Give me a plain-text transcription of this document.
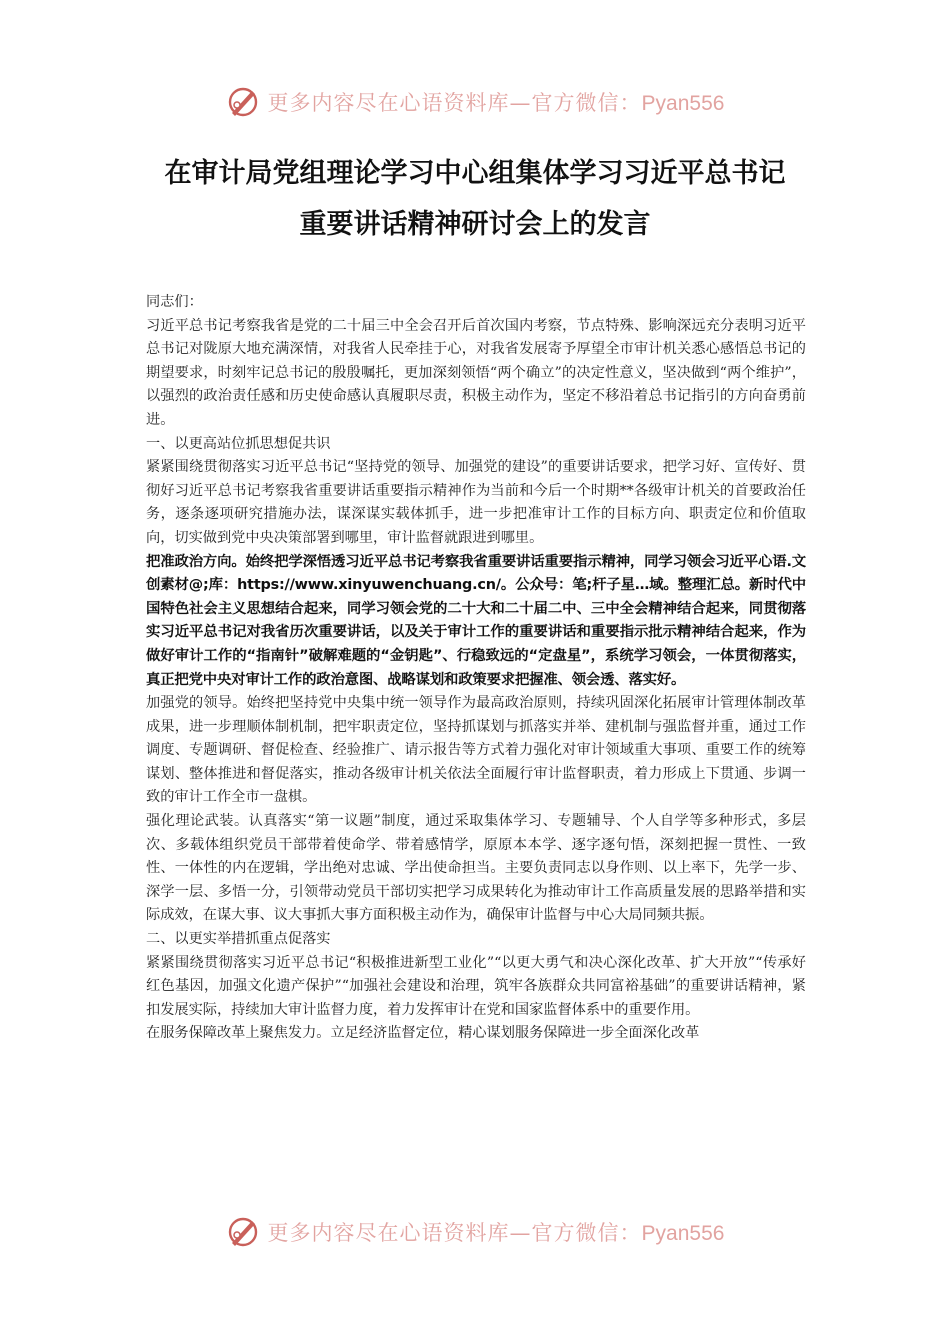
更多内容尽在心语资料库—官方微信：Pyan556
在审计局党组理论学习中心组集体学习习近平总书记
重要讲话精神研讨会上的发言

同志们：

习近平总书记考察我省是党的二十届三中全会召开后首次国内考察，节点特殊、影响深远充分表明习近平总书记对陇原大地充满深情，对我省人民牵挂于心，对我省发展寄予厚望全市审计机关悉心感悟总书记的期望要求，时刻牢记总书记的殷殷嘱托，更加深刻领悟“两个确立”的决定性意义，坚决做到“两个维护”，以强烈的政治责任感和历史使命感认真履职尽责，积极主动作为，坚定不移沿着总书记指引的方向奋勇前进。

一、以更高站位抓思想促共识

紧紧围绕贯彻落实习近平总书记“坚持党的领导、加强党的建设”的重要讲话要求，把学习好、宣传好、贯彻好习近平总书记考察我省重要讲话重要指示精神作为当前和今后一个时期**各级审计机关的首要政治任务，逐条逐项研究措施办法，谋深谋实载体抓手，进一步把准审计工作的目标方向、职责定位和价值取向，切实做到党中央决策部署到哪里，审计监督就跟进到哪里。

把准政治方向。始终把学深悟透习近平总书记考察我省重要讲话重要指示精神，同学习领会习近平心语.文创素材@;库：https://www.xinyuwenchuang.cn/。公众号：笔;杆子星…域。整理汇总。新时代中国特色社会主义思想结合起来，同学习领会党的二十大和二十届二中、三中全会精神结合起来，同贯彻落实习近平总书记对我省历次重要讲话，以及关于审计工作的重要讲话和重要指示批示精神结合起来，作为做好审计工作的“指南针”破解难题的“金钥匙”、行稳致远的“定盘星”，系统学习领会，一体贯彻落实，真正把党中央对审计工作的政治意图、战略谋划和政策要求把握准、领会透、落实好。

加强党的领导。始终把坚持党中央集中统一领导作为最高政治原则，持续巩固深化拓展审计管理体制改革成果，进一步理顺体制机制，把牢职责定位，坚持抓谋划与抓落实并举、建机制与强监督并重，通过工作调度、专题调研、督促检查、经验推广、请示报告等方式着力强化对审计领域重大事项、重要工作的统筹谋划、整体推进和督促落实，推动各级审计机关依法全面履行审计监督职责，着力形成上下贯通、步调一致的审计工作全市一盘棋。

强化理论武装。认真落实“第一议题”制度，通过采取集体学习、专题辅导、个人自学等多种形式，多层次、多载体组织党员干部带着使命学、带着感情学，原原本本学、逐字逐句悟，深刻把握一贯性、一致性、一体性的内在逻辑，学出绝对忠诚、学出使命担当。主要负责同志以身作则、以上率下，先学一步、深学一层、多悟一分，引领带动党员干部切实把学习成果转化为推动审计工作高质量发展的思路举措和实际成效，在谋大事、议大事抓大事方面积极主动作为，确保审计监督与中心大局同频共振。

二、以更实举措抓重点促落实

紧紧围绕贯彻落实习近平总书记“积极推进新型工业化”“以更大勇气和决心深化改革、扩大开放”“传承好红色基因，加强文化遗产保护”“加强社会建设和治理，筑牢各族群众共同富裕基础”的重要讲话精神，紧扣发展实际，持续加大审计监督力度，着力发挥审计在党和国家监督体系中的重要作用。

在服务保障改革上聚焦发力。立足经济监督定位，精心谋划服务保障进一步全面深化改革

更多内容尽在心语资料库—官方微信：Pyan556
